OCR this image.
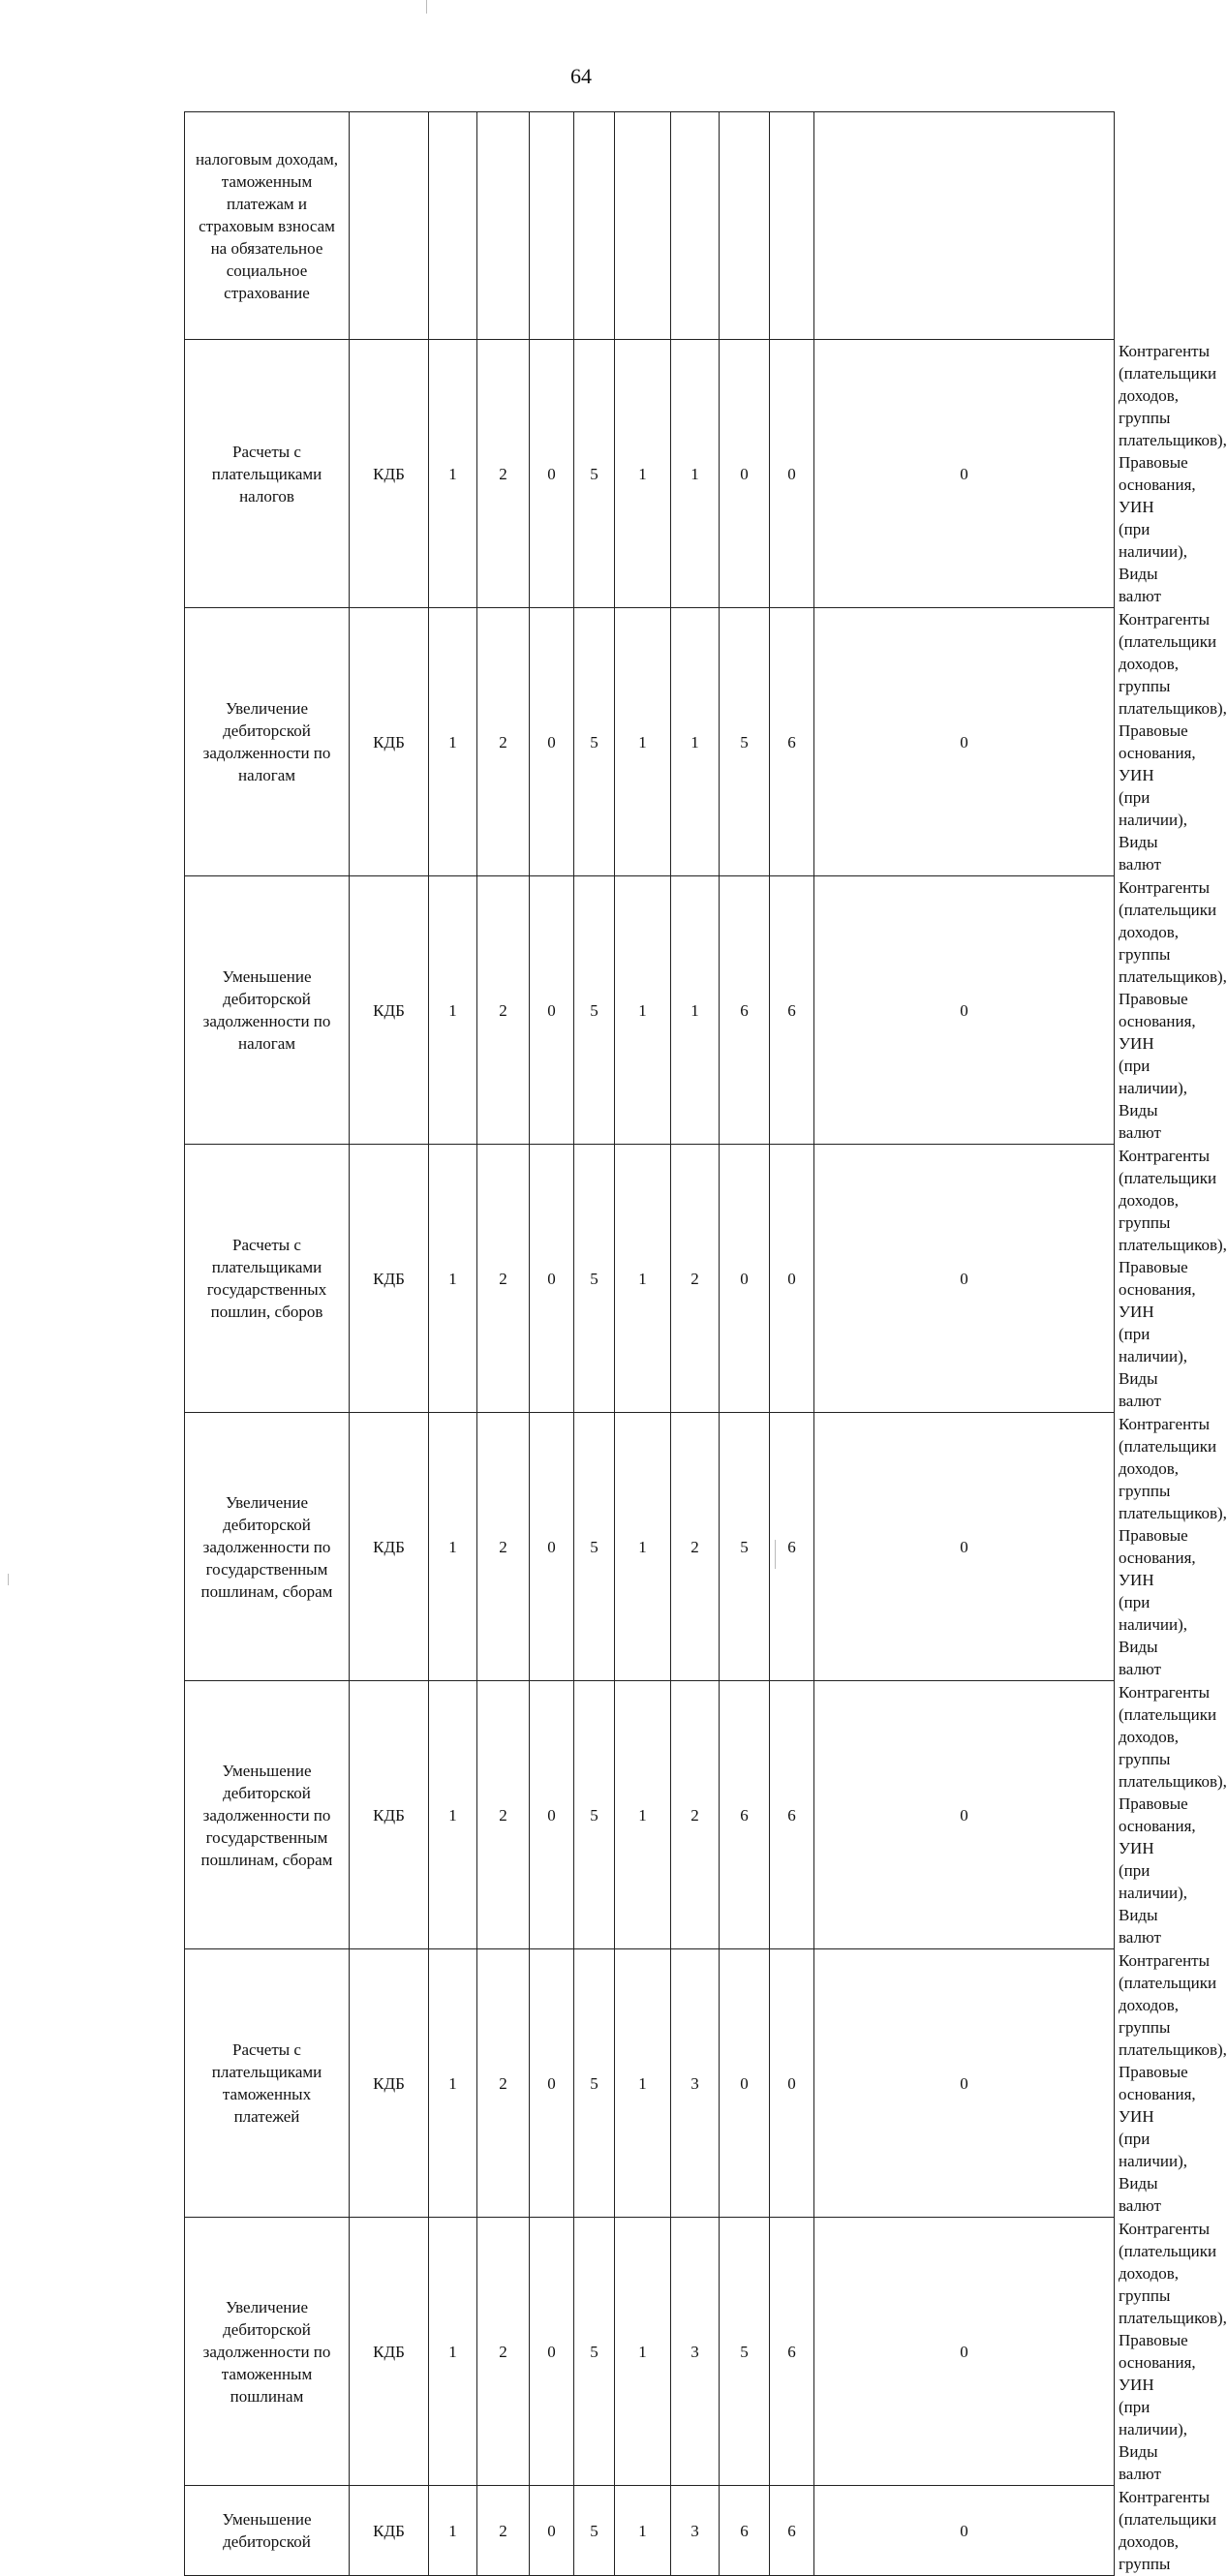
64
налоговым доходам, таможенным платежам и страховым взносам на обязательное социальное страхование											
Расчеты с плательщиками налогов	КДБ	1	2	0	5	1	1	0	0	0	Контрагенты (плательщики доходов, группы плательщиков), Правовые основания, УИН (при наличии), Виды валют
Увеличение дебиторской задолженности по налогам	КДБ	1	2	0	5	1	1	5	6	0	Контрагенты (плательщики доходов, группы плательщиков), Правовые основания, УИН (при наличии), Виды валют
Уменьшение дебиторской задолженности по налогам	КДБ	1	2	0	5	1	1	6	6	0	Контрагенты (плательщики доходов, группы плательщиков), Правовые основания, УИН (при наличии), Виды валют
Расчеты с плательщиками государственных пошлин, сборов	КДБ	1	2	0	5	1	2	0	0	0	Контрагенты (плательщики доходов, группы плательщиков), Правовые основания, УИН (при наличии), Виды валют
Увеличение дебиторской задолженности по государственным пошлинам, сборам	КДБ	1	2	0	5	1	2	5	6	0	Контрагенты (плательщики доходов, группы плательщиков), Правовые основания, УИН (при наличии), Виды валют
Уменьшение дебиторской задолженности по государственным пошлинам, сборам	КДБ	1	2	0	5	1	2	6	6	0	Контрагенты (плательщики доходов, группы плательщиков), Правовые основания, УИН (при наличии), Виды валют
Расчеты с плательщиками таможенных платежей	КДБ	1	2	0	5	1	3	0	0	0	Контрагенты (плательщики доходов, группы плательщиков), Правовые основания, УИН (при наличии), Виды валют
Увеличение дебиторской задолженности по таможенным пошлинам	КДБ	1	2	0	5	1	3	5	6	0	Контрагенты (плательщики доходов, группы плательщиков), Правовые основания, УИН (при наличии), Виды валют
Уменьшение дебиторской	КДБ	1	2	0	5	1	3	6	6	0	Контрагенты (плательщики доходов, группы
